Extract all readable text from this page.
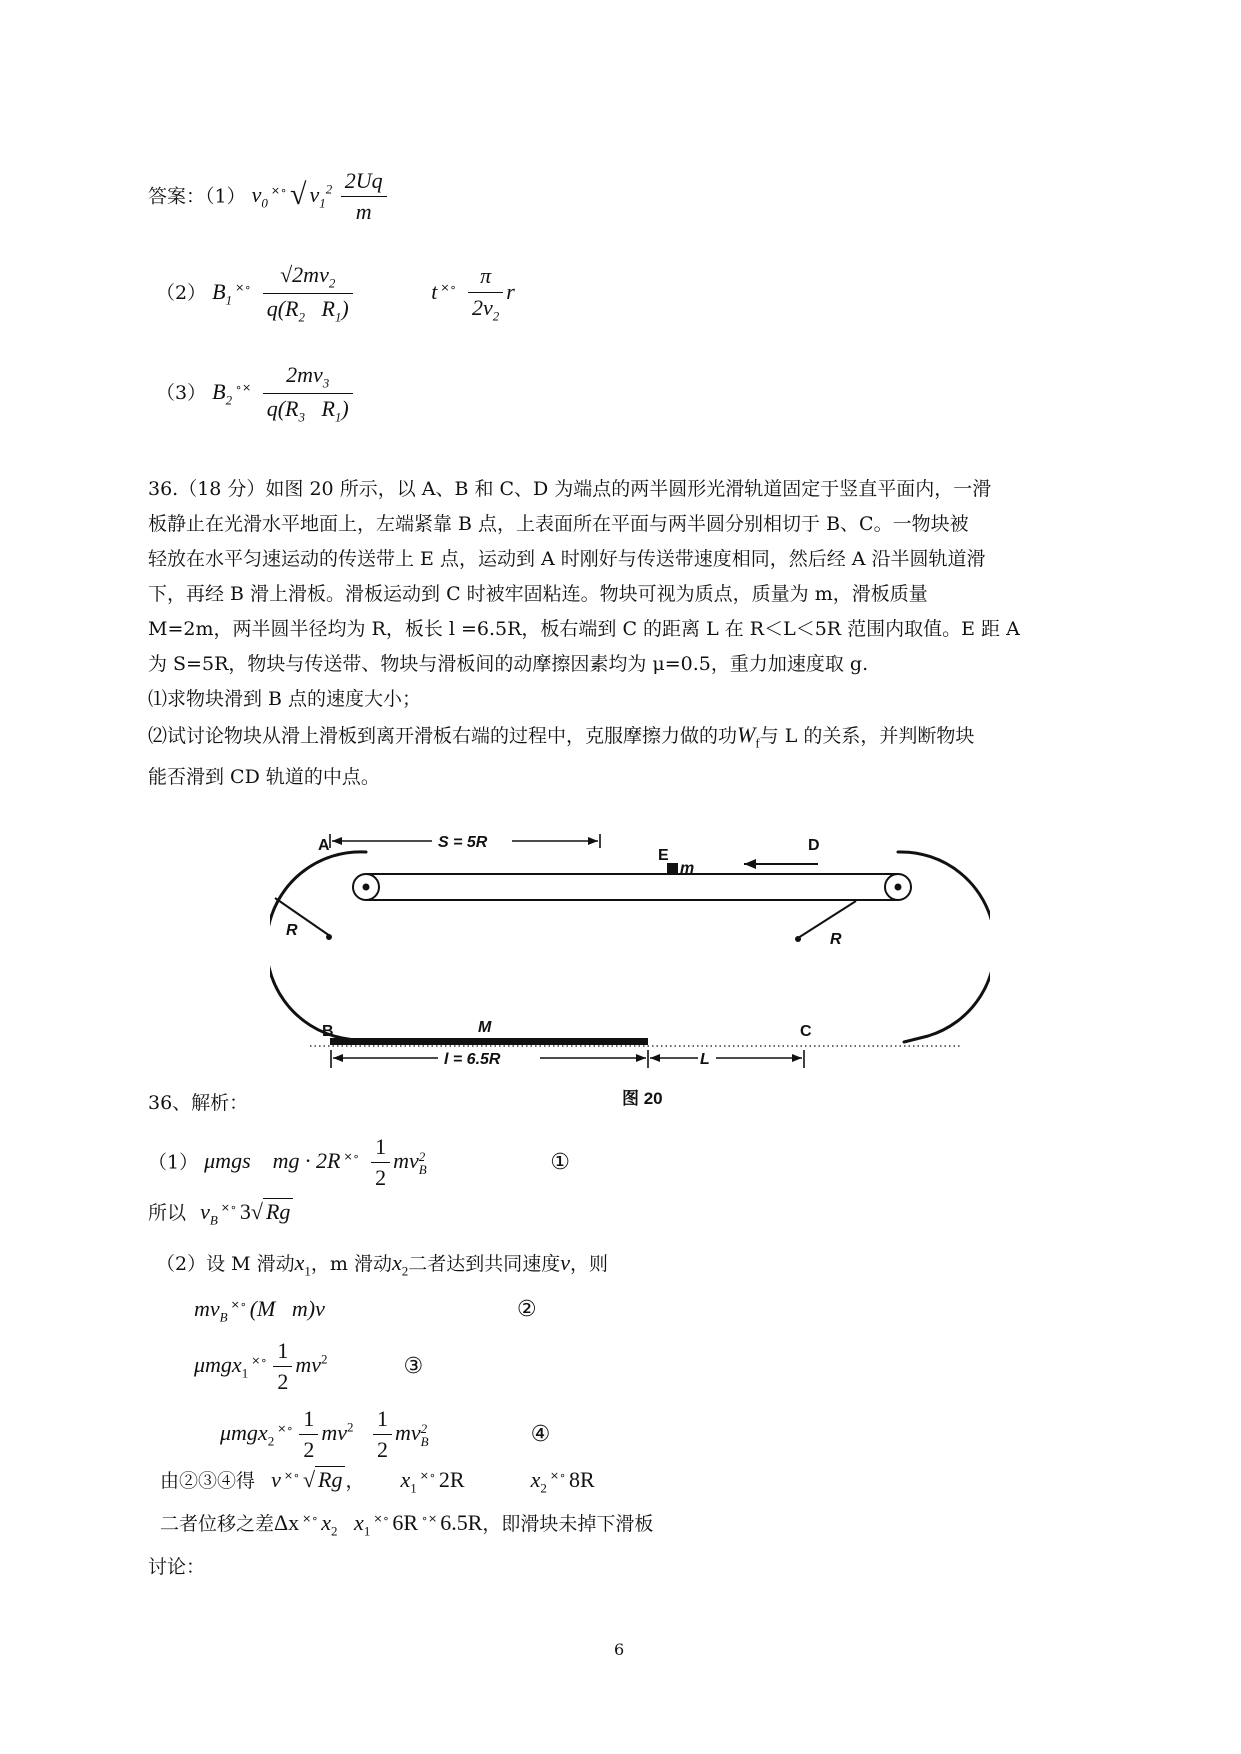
答案：（1） $v_0^{\times\circ}$ √ $v_1^2 \frac{2Uq}{m}$
（2） $B_1^{\times\circ} \frac{√2mv_2}{q(R_2 R_1)}$	t $^{\times\circ} \frac{\pi}{2v_2}$ r
（3） $B_2^{\circ\times} \frac{2mv_3}{q(R_3 R_1)}$
36.（18 分）如图 20 所示，以 A、B 和 C、D 为端点的两半圆形光滑轨道固定于竖直平面内，一滑
板静止在光滑水平地面上，左端紧靠 B 点，上表面所在平面与两半圆分别相切于 B、C。一物块被
轻放在水平匀速运动的传送带上 E 点，运动到 A 时刚好与传送带速度相同，然后经 A 沿半圆轨道滑
下，再经 B 滑上滑板。滑板运动到 C 时被牢固粘连。物块可视为质点，质量为 m，滑板质量
M=2m，两半圆半径均为 R，板长 l =6.5R，板右端到 C 的距离 L 在 R＜L＜5R 范围内取值。E 距 A
为 S=5R，物块与传送带、物块与滑板间的动摩擦因素均为 μ=0.5，重力加速度取 g.
⑴求物块滑到 B 点的速度大小；
⑵试讨论物块从滑上滑板到离开滑板右端的过程中，克服摩擦力做的功$W_f$与 L 的关系，并判断物块
能否滑到 CD 轨道的中点。
A
B	C
D
E
m
M
R
R
S = 5R
l = 6.5R	L
图 20
36、解析：
（1） μmgs mg · 2R $^{\times\circ} \frac{1}{2}$ mv 2
B	①
所以 $v_B^{\times\circ}$ 3√ Rg
（2）设 M 滑动$x_1$，m 滑动$x_2$二者达到共同速度v，则
$mv_B^{\times\circ}$ (M   m)v	②
$\mu mgx_1^{\times\circ} \frac{1}{2} mv^2$	③
$\mu mgx_2^{\times\circ} \frac{1}{2} mv^2 \frac{1}{2}$ mv 2
B	④
由②③④得 v ×∘ √ Rg ， $x_1^{\times\circ}$ 2R	$x_2^{\times\circ}$ 8R
二者位移之差Δx ×∘ $x_2$ $x_1^{\times\circ}$ 6R ∘× 6.5R，即滑块未掉下滑板
讨论：
6
